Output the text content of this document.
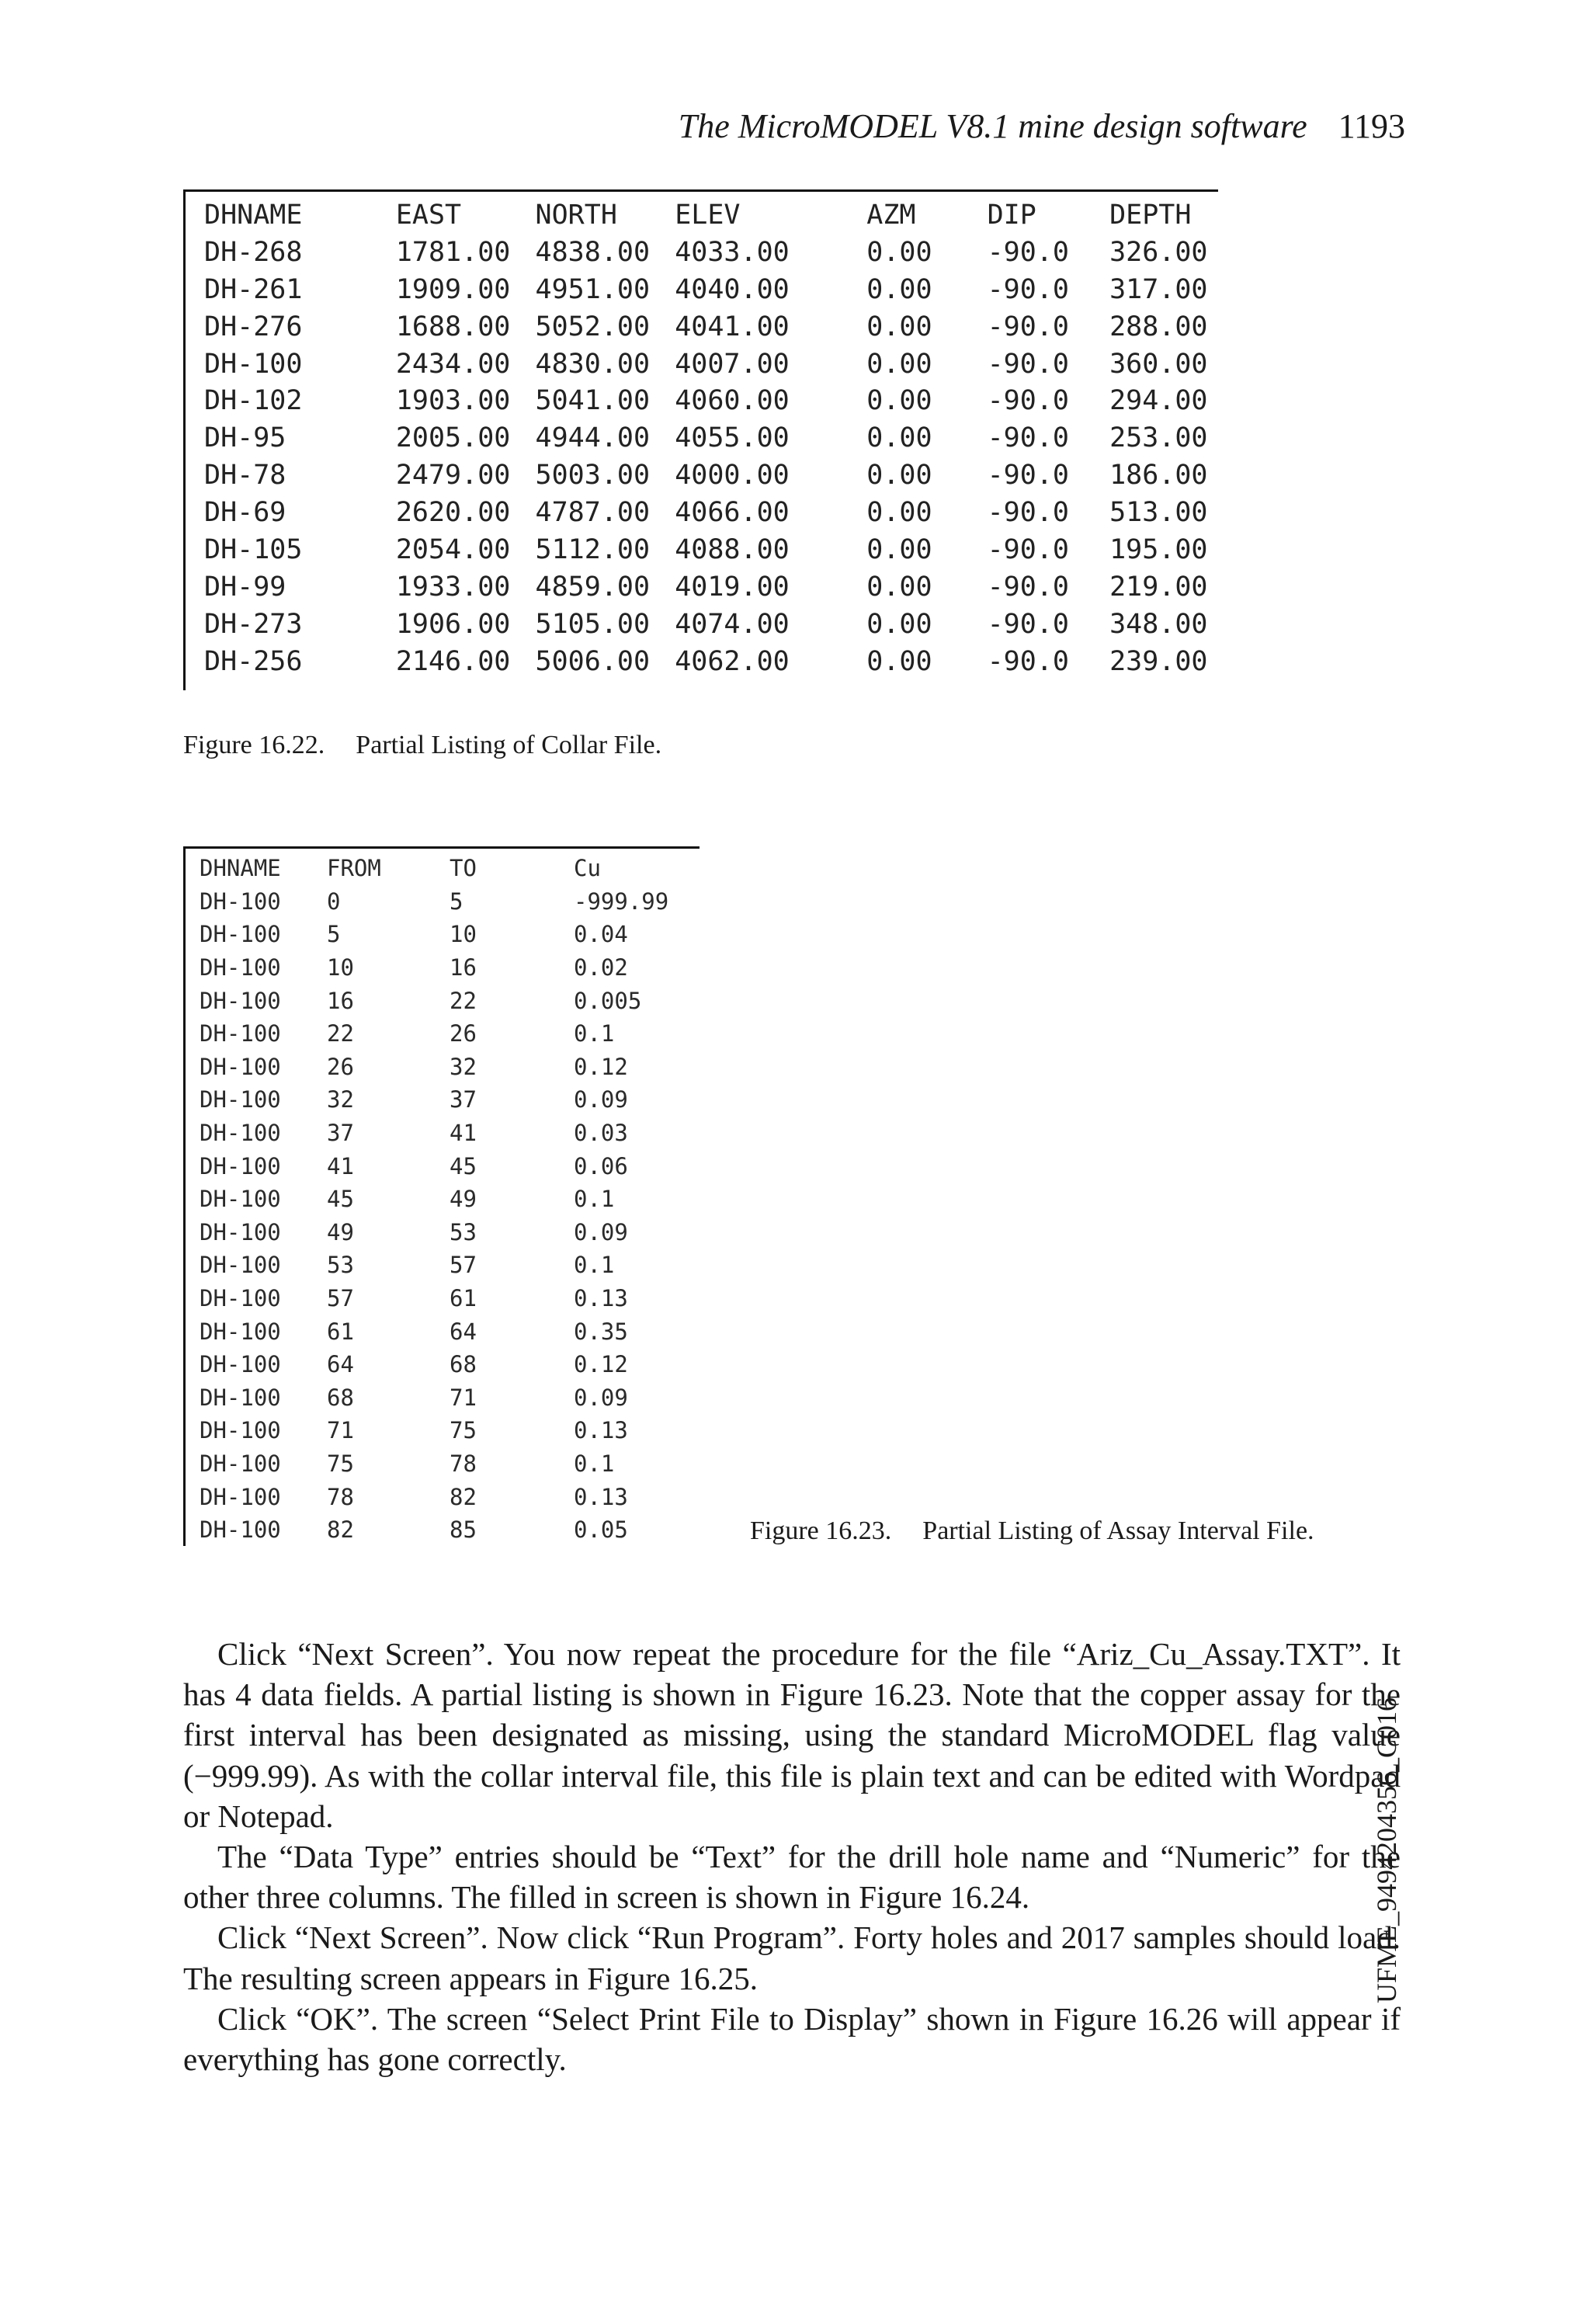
The MicroMODEL V8.1 mine design software 1193
DHNAME	EAST	NORTH	ELEV	AZM	DIP	DEPTH
DH-268	1781.00	4838.00	4033.00	0.00	-90.0	326.00
DH-261	1909.00	4951.00	4040.00	0.00	-90.0	317.00
DH-276	1688.00	5052.00	4041.00	0.00	-90.0	288.00
DH-100	2434.00	4830.00	4007.00	0.00	-90.0	360.00
DH-102	1903.00	5041.00	4060.00	0.00	-90.0	294.00
DH-95	2005.00	4944.00	4055.00	0.00	-90.0	253.00
DH-78	2479.00	5003.00	4000.00	0.00	-90.0	186.00
DH-69	2620.00	4787.00	4066.00	0.00	-90.0	513.00
DH-105	2054.00	5112.00	4088.00	0.00	-90.0	195.00
DH-99	1933.00	4859.00	4019.00	0.00	-90.0	219.00
DH-273	1906.00	5105.00	4074.00	0.00	-90.0	348.00
DH-256	2146.00	5006.00	4062.00	0.00	-90.0	239.00
Figure 16.22. Partial Listing of Collar File.
DHNAME	FROM	TO	Cu
DH-100	0	5	-999.99
DH-100	5	10	0.04
DH-100	10	16	0.02
DH-100	16	22	0.005
DH-100	22	26	0.1
DH-100	26	32	0.12
DH-100	32	37	0.09
DH-100	37	41	0.03
DH-100	41	45	0.06
DH-100	45	49	0.1
DH-100	49	53	0.09
DH-100	53	57	0.1
DH-100	57	61	0.13
DH-100	61	64	0.35
DH-100	64	68	0.12
DH-100	68	71	0.09
DH-100	71	75	0.13
DH-100	75	78	0.1
DH-100	78	82	0.13
DH-100	82	85	0.05	Figure 16.23. Partial Listing of Assay Interval File.

Click “Next Screen”. You now repeat the procedure for the file “Ariz_Cu_Assay.TXT”. It has 4 data fields. A partial listing is shown in Figure 16.23. Note that the copper assay for the first interval has been designated as missing, using the standard MicroMODEL flag value (−999.99). As with the collar interval file, this file is plain text and can be edited with Wordpad or Notepad.

The “Data Type” entries should be “Text” for the drill hole name and “Numeric” for the other three columns. The filled in screen is shown in Figure 16.24.

Click “Next Screen”. Now click “Run Program”. Forty holes and 2017 samples should load. The resulting screen appears in Figure 16.25.

Click “OK”. The screen “Select Print File to Display” shown in Figure 16.26 will appear if everything has gone correctly.

UFME_9494204356_C016
